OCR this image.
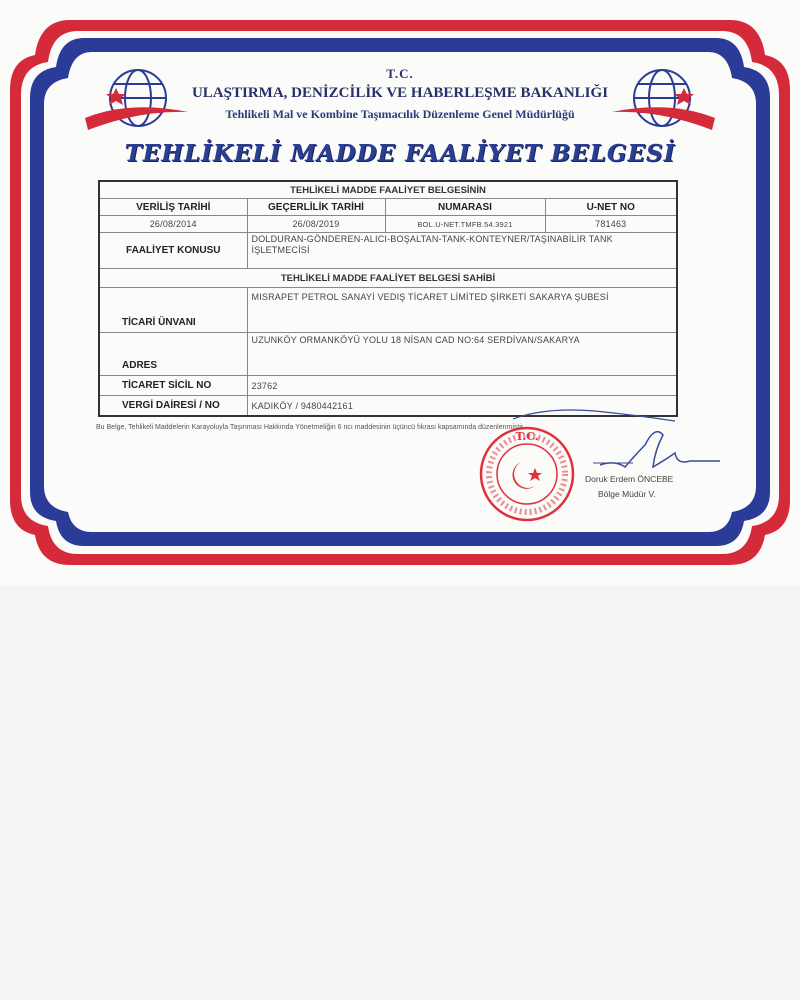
T.C.
ULAŞTIRMA, DENİZCİLİK VE HABERLEŞME BAKANLIĞI
Tehlikeli Mal ve Kombine Taşımacılık Düzenleme Genel Müdürlüğü
TEHLİKELİ MADDE FAALİYET BELGESİ
TEHLİKELİ MADDE FAALİYET BELGESİNİN			
VERİLİŞ TARİHİ	GEÇERLİLİK TARİHİ	NUMARASI	U-NET NO
26/08/2014	26/08/2019	BOL.U-NET.TMFB.54.3921	781463
FAALİYET KONUSU	DOLDURAN-GÖNDEREN-ALICI-BOŞALTAN-TANK-KONTEYNER/TAŞINABİLİR TANK İŞLETMECİSİ		
TEHLİKELİ MADDE FAALİYET BELGESİ SAHİBİ			
TİCARİ ÜNVANI	MISRAPET PETROL SANAYİ VEDIŞ TİCARET LİMİTED ŞİRKETİ SAKARYA ŞUBESİ		
ADRES	UZUNKÖY ORMANKÖYÜ YOLU 18 NİSAN CAD NO:64 SERDİVAN/SAKARYA		
TİCARET SİCİL NO	23762		
VERGİ DAİRESİ / NO	KADIKÖY / 9480442161		
Bu Belge, Tehlikeli Maddelerin Karayoluyla Taşınması Hakkında Yönetmeliğin 6 ncı maddesinin üçüncü fıkrası kapsamında düzenlenmiştir.
T.C.
Doruk Erdem ÖNCEBE
Bölge Müdür V.
